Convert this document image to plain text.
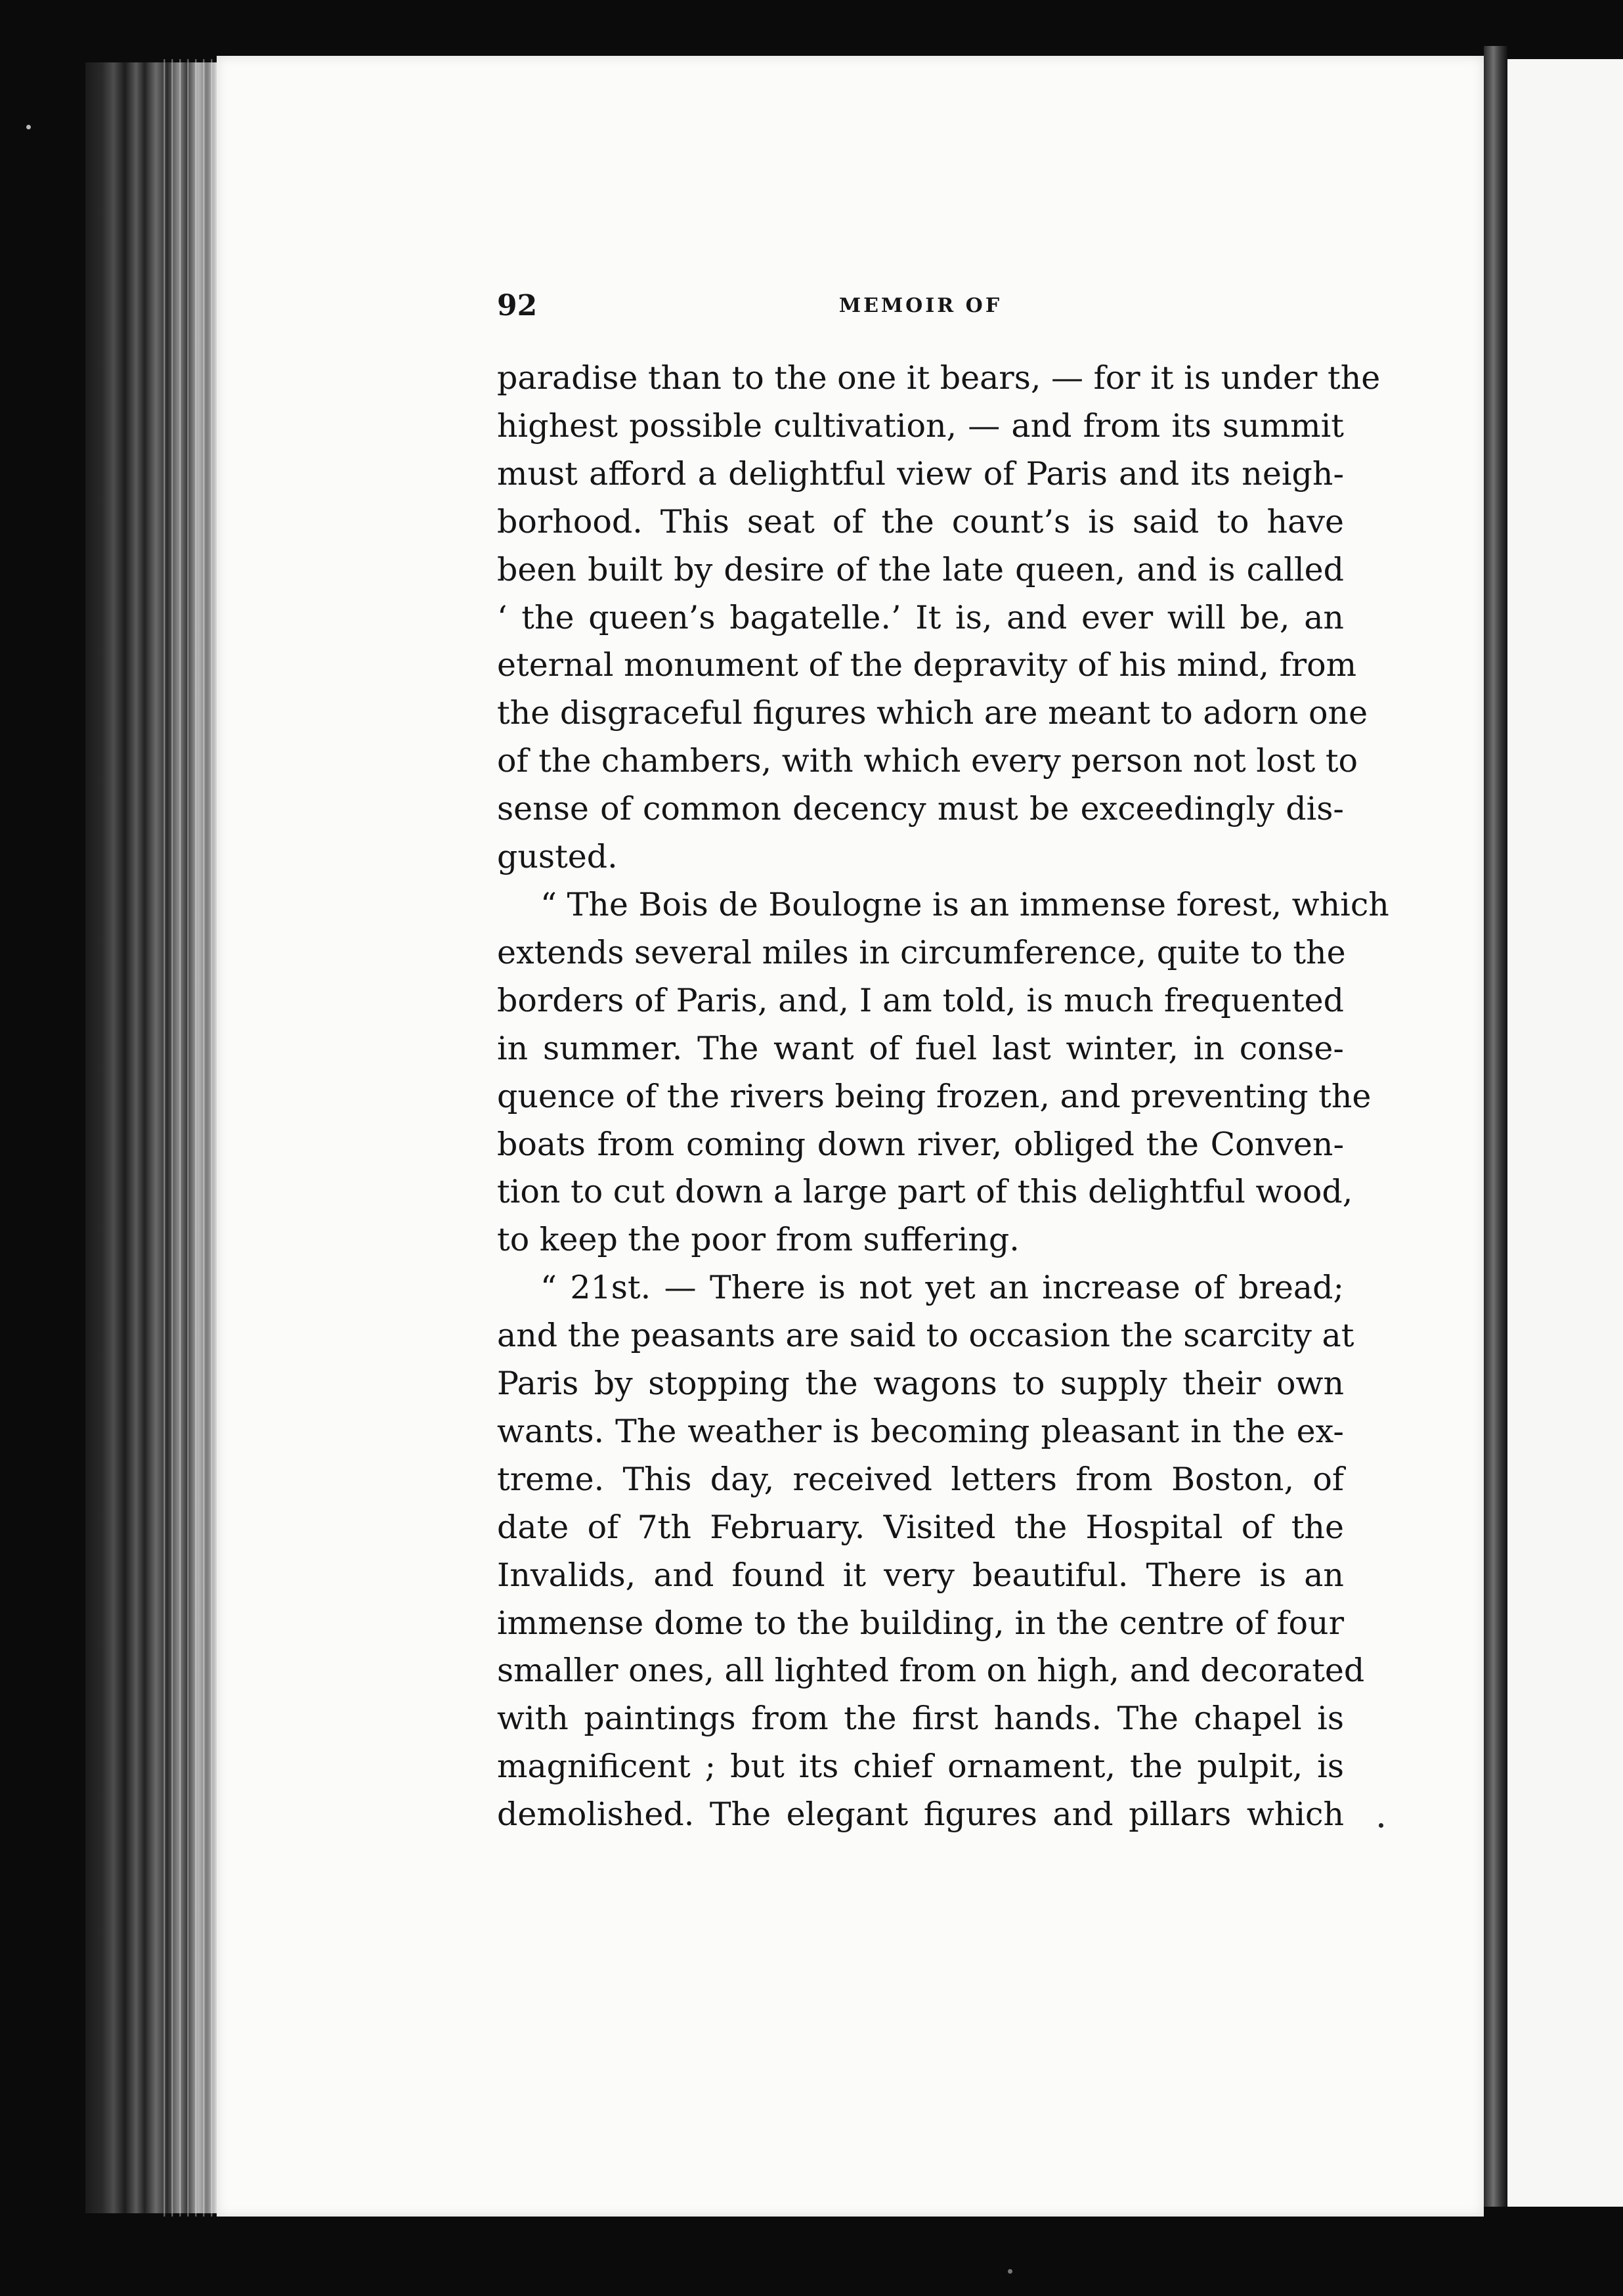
92	MEMOIR OF
paradise than to the one it bears, — for it is under the
highest possible cultivation, — and from its summit
must afford a delightful view of Paris and its neigh-
borhood. This seat of the count’s is said to have
been built by desire of the late queen, and is called
‘ the queen’s bagatelle.’ It is, and ever will be, an
eternal monument of the depravity of his mind, from
the disgraceful figures which are meant to adorn one
of the chambers, with which every person not lost to
sense of common decency must be exceedingly dis-
gusted.
“ The Bois de Boulogne is an immense forest, which
extends several miles in circumference, quite to the
borders of Paris, and, I am told, is much frequented
in summer. The want of fuel last winter, in conse-
quence of the rivers being frozen, and preventing the
boats from coming down river, obliged the Conven-
tion to cut down a large part of this delightful wood,
to keep the poor from suffering.
“ 21st. — There is not yet an increase of bread;
and the peasants are said to occasion the scarcity at
Paris by stopping the wagons to supply their own
wants. The weather is becoming pleasant in the ex-
treme. This day, received letters from Boston, of
date of 7th February. Visited the Hospital of the
Invalids, and found it very beautiful. There is an
immense dome to the building, in the centre of four
smaller ones, all lighted from on high, and decorated
with paintings from the first hands. The chapel is
magnificent ; but its chief ornament, the pulpit, is
demolished. The elegant figures and pillars which
